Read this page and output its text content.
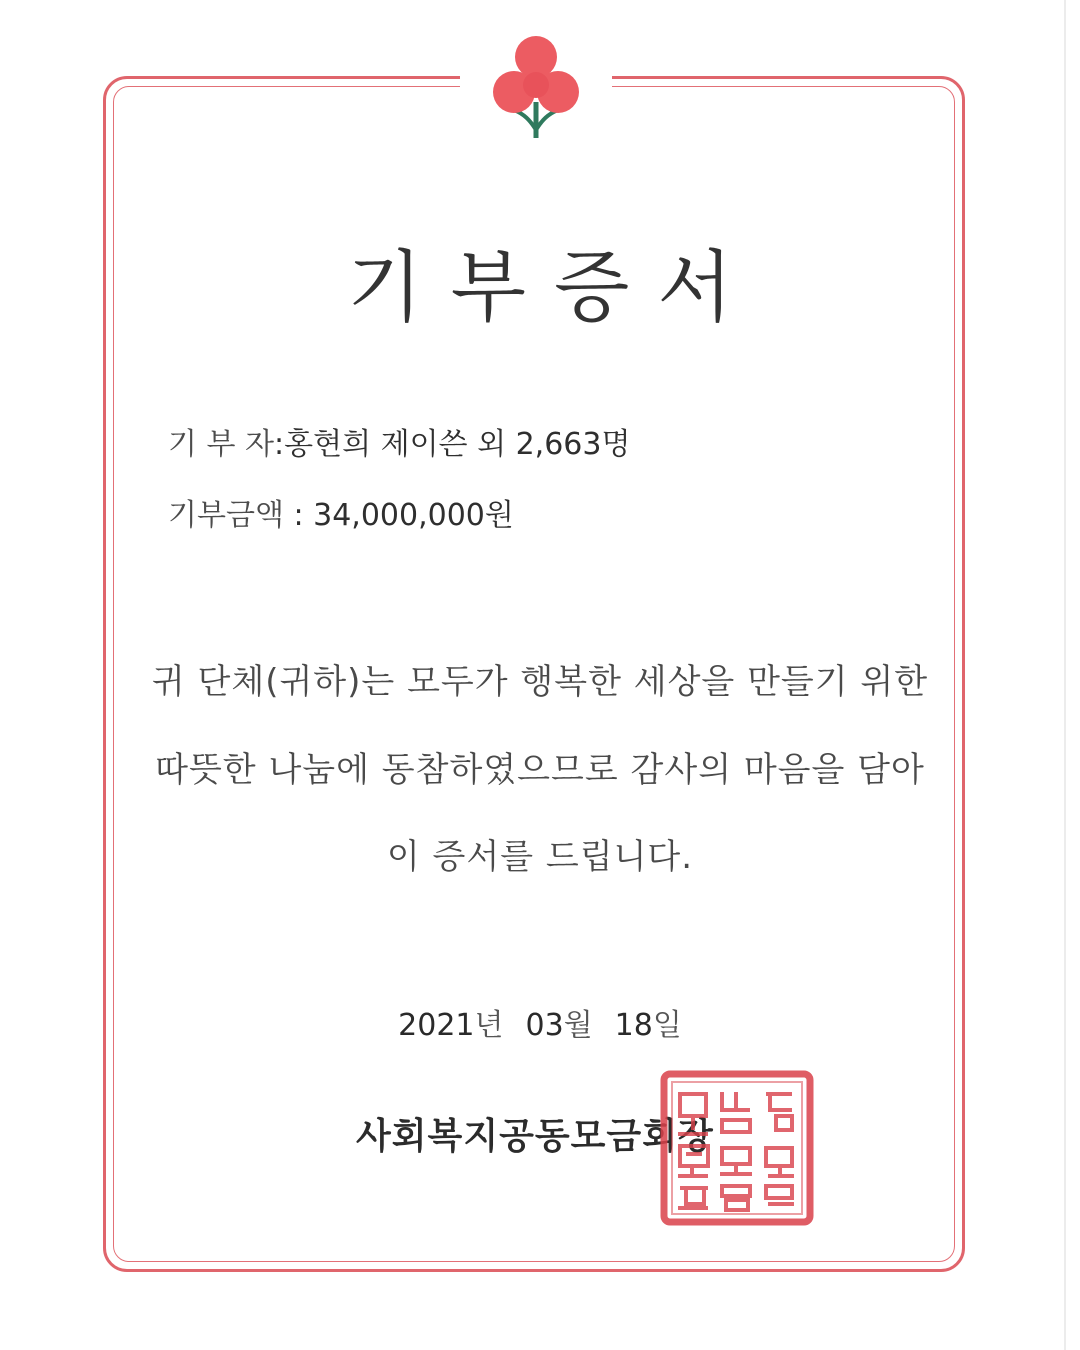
기부증서
기 부 자:홍현희 제이쓴 외 2,663명
기부금액 : 34,000,000원
귀 단체(귀하)는 모두가 행복한 세상을 만들기 위한
따뜻한 나눔에 동참하였으므로 감사의 마음을 담아
이 증서를 드립니다.
2021년 03월 18일
사회복지공동모금회장
